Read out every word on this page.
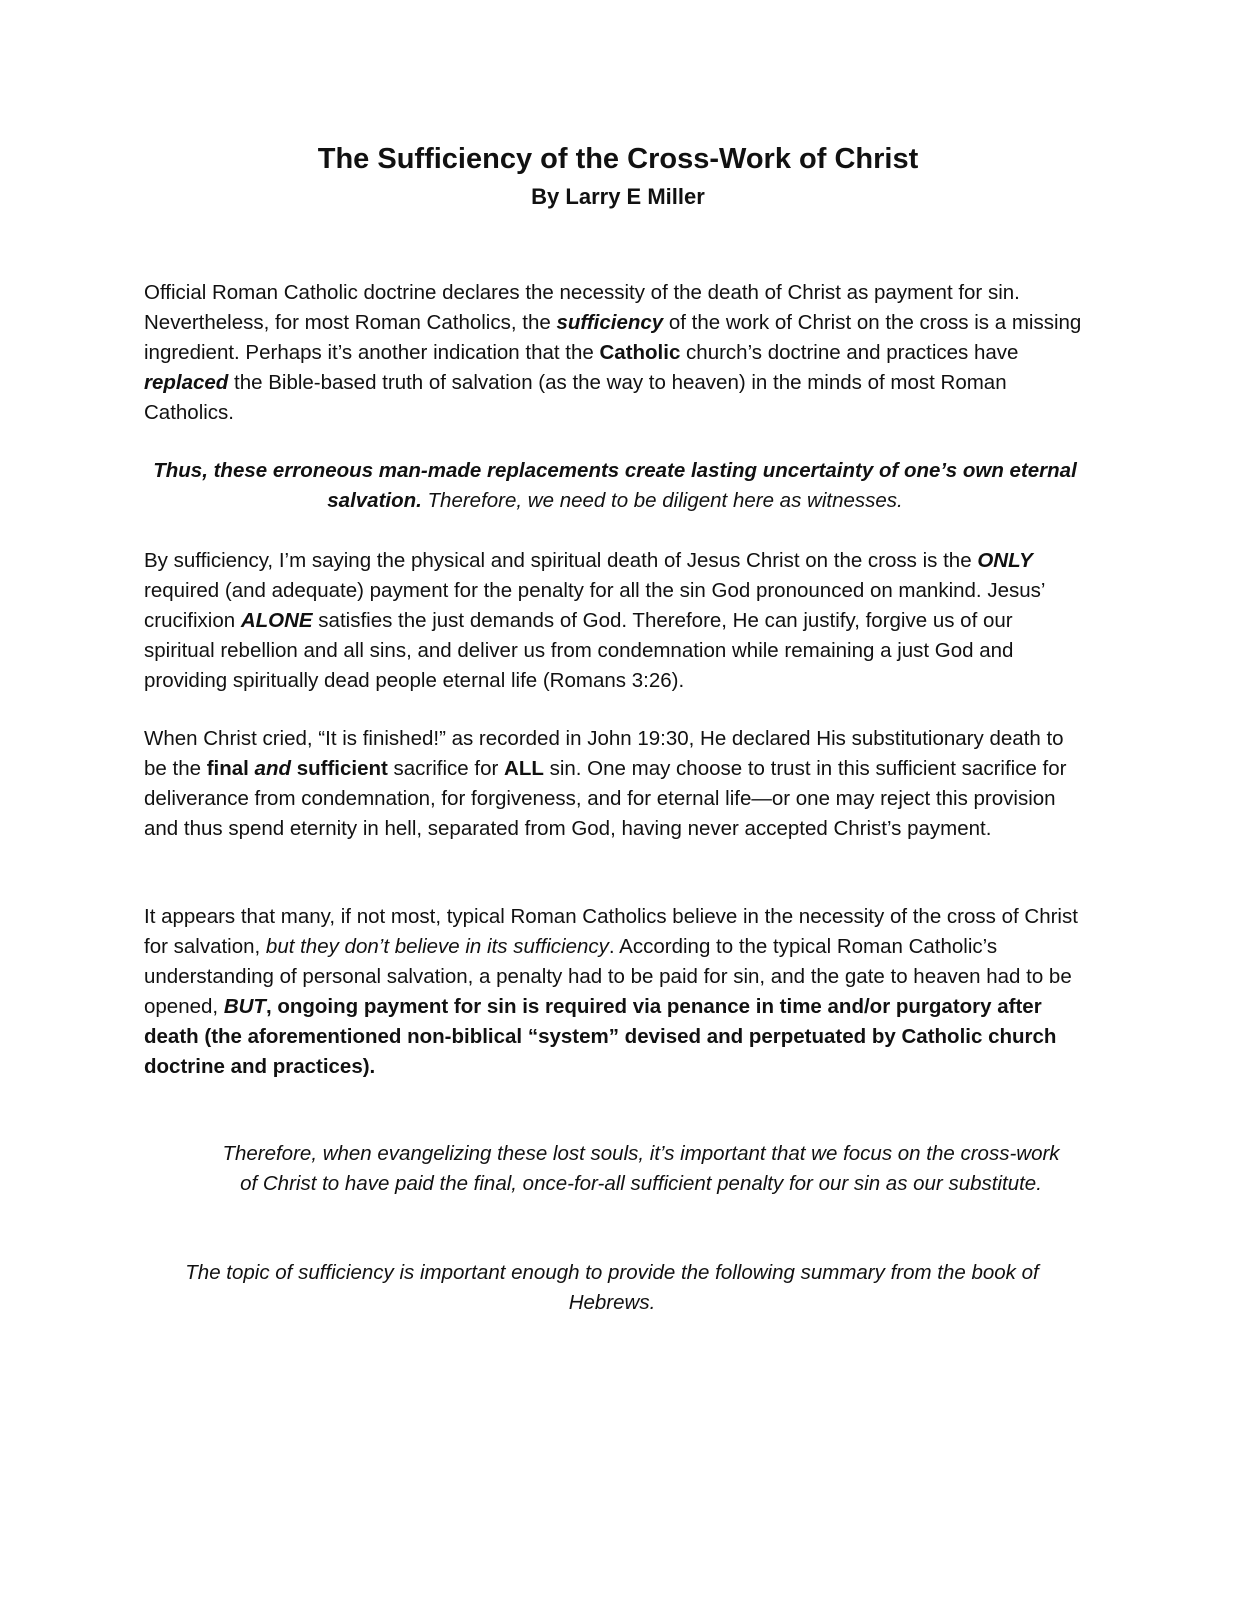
The Sufficiency of the Cross-Work of Christ
By Larry E Miller

Official Roman Catholic doctrine declares the necessity of the death of Christ as payment for sin. Nevertheless, for most Roman Catholics, the sufficiency of the work of Christ on the cross is a missing ingredient. Perhaps it’s another indication that the Catholic church’s doctrine and practices have replaced the Bible-based truth of salvation (as the way to heaven) in the minds of most Roman Catholics.

Thus, these erroneous man-made replacements create lasting uncertainty of one’s own eternal salvation. Therefore, we need to be diligent here as witnesses.

By sufficiency, I’m saying the physical and spiritual death of Jesus Christ on the cross is the ONLY required (and adequate) payment for the penalty for all the sin God pronounced on mankind. Jesus’ crucifixion ALONE satisfies the just demands of God. Therefore, He can justify, forgive us of our spiritual rebellion and all sins, and deliver us from condemnation while remaining a just God and providing spiritually dead people eternal life (Romans 3:26).

When Christ cried, “It is finished!” as recorded in John 19:30, He declared His substitutionary death to be the final and sufficient sacrifice for ALL sin. One may choose to trust in this sufficient sacrifice for deliverance from condemnation, for forgiveness, and for eternal life—or one may reject this provision and thus spend eternity in hell, separated from God, having never accepted Christ’s payment.

It appears that many, if not most, typical Roman Catholics believe in the necessity of the cross of Christ for salvation, but they don’t believe in its sufficiency. According to the typical Roman Catholic’s understanding of personal salvation, a penalty had to be paid for sin, and the gate to heaven had to be opened, BUT, ongoing payment for sin is required via penance in time and/or purgatory after death (the aforementioned non-biblical “system” devised and perpetuated by Catholic church doctrine and practices).

Therefore, when evangelizing these lost souls, it’s important that we focus on the cross-work of Christ to have paid the final, once-for-all sufficient penalty for our sin as our substitute.

The topic of sufficiency is important enough to provide the following summary from the book of Hebrews.
